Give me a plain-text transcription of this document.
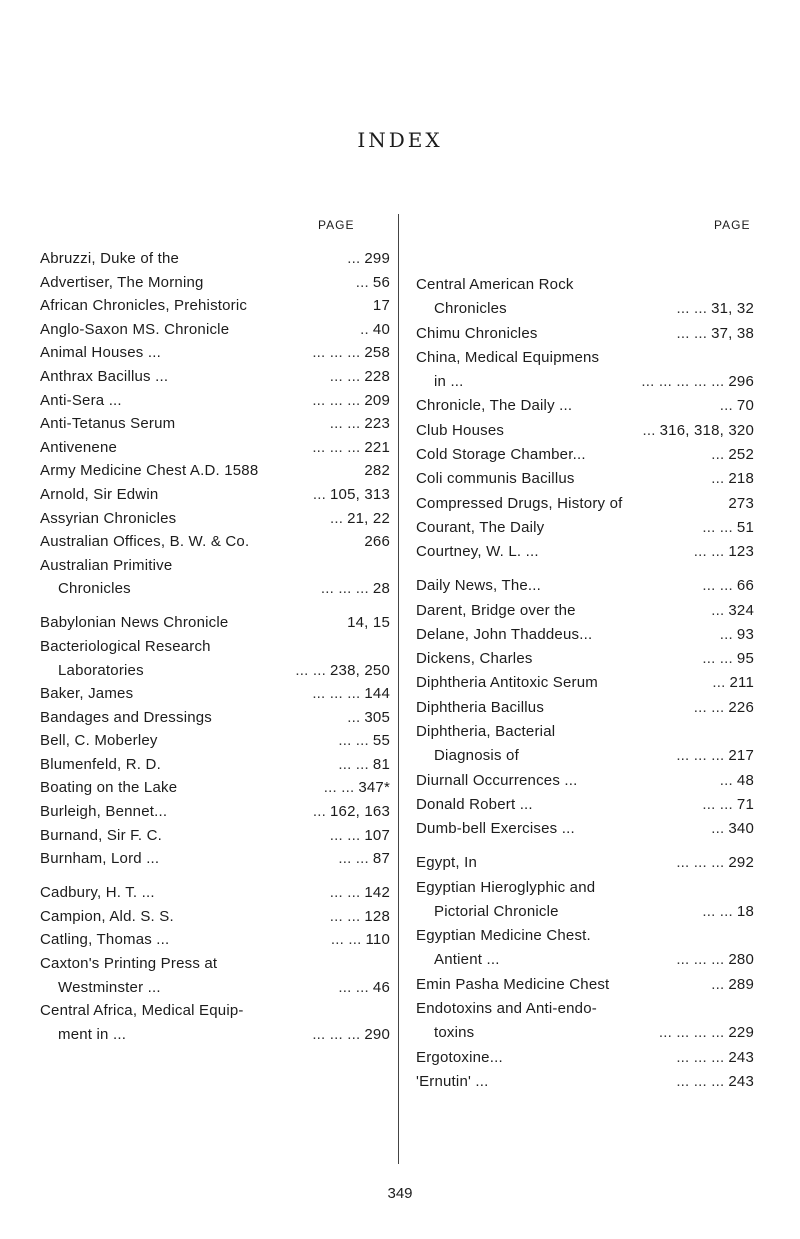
INDEX
PAGE	PAGE
Abruzzi, Duke of the	... 299
Advertiser, The Morning	... 56
African Chronicles, Prehistoric	17
Anglo-Saxon MS. Chronicle	.. 40
Animal Houses ...	... ... ... 258
Anthrax Bacillus ...	... ... 228
Anti-Sera ...	... ... ... 209
Anti-Tetanus Serum	... ... 223
Antivenene	... ... ... 221
Army Medicine Chest A.D. 1588	282
Arnold, Sir Edwin	... 105, 313
Assyrian Chronicles	... 21, 22
Australian Offices, B. W. & Co.	266
Australian Primitive
Chronicles	... ... ... 28
Babylonian News Chronicle	14, 15
Bacteriological Research
Laboratories	... ... 238, 250
Baker, James	... ... ... 144
Bandages and Dressings	... 305
Bell, C. Moberley	... ... 55
Blumenfeld, R. D.	... ... 81
Boating on the Lake	... ... 347*
Burleigh, Bennet...	... 162, 163
Burnand, Sir F. C.	... ... 107
Burnham, Lord ...	... ... 87
Cadbury, H. T. ...	... ... 142
Campion, Ald. S. S.	... ... 128
Catling, Thomas ...	... ... 110
Caxton's Printing Press at
Westminster ...	... ... 46
Central Africa, Medical Equip-
ment in ...	... ... ... 290
Central American Rock
Chronicles	... ... 31, 32
Chimu Chronicles	... ... 37, 38
China, Medical Equipmens
in ...	... ... ... ... ... 296
Chronicle, The Daily ...	... 70
Club Houses	... 316, 318, 320
Cold Storage Chamber...	... 252
Coli communis Bacillus	... 218
Compressed Drugs, History of	273
Courant, The Daily	... ... 51
Courtney, W. L. ...	... ... 123
Daily News, The...	... ... 66
Darent, Bridge over the	... 324
Delane, John Thaddeus...	... 93
Dickens, Charles	... ... 95
Diphtheria Antitoxic Serum	... 211
Diphtheria Bacillus	... ... 226
Diphtheria, Bacterial
Diagnosis of	... ... ... 217
Diurnall Occurrences ...	... 48
Donald Robert ...	... ... 71
Dumb-bell Exercises ...	... 340
Egypt, In	... ... ... 292
Egyptian Hieroglyphic and
Pictorial Chronicle	... ... 18
Egyptian Medicine Chest.
Antient ...	... ... ... 280
Emin Pasha Medicine Chest	... 289
Endotoxins and Anti-endo-
toxins	... ... ... ... 229
Ergotoxine...	... ... ... 243
'Ernutin' ...	... ... ... 243
349
